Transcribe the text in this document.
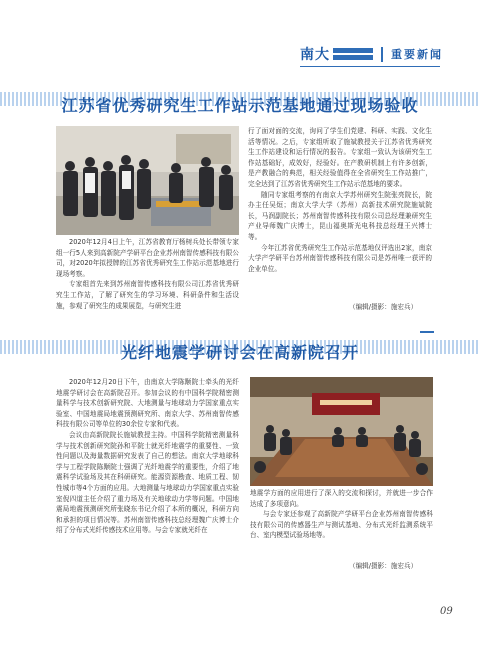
南大	重要新闻
江苏省优秀研究生工作站示范基地通过现场验收

2020年12月4日上午，江苏省教育厅杨树兵处长带领专家组一行5人来到高新院产学研平台企业苏州南智传感科技有限公司，对2020年拟授牌的江苏省优秀研究生工作站示范基地进行现场考察。

专家组首先来到苏州南智传感科技有限公司江苏省优秀研究生工作站，了解了研究生的学习环境、科研条件和生活设施，参观了研究生的成果展览，与研究生进

行了面对面的交流，询问了学生们党建、科研、实践、文化生活等情况。之后，专家组听取了施斌教授关于江苏省优秀研究生工作站建设和运行情况的报告。专家组一致认为该研究生工作站基础好，成效好，经验好。在产教研机制上有许多创新，是产教融合的典范，相关经验值得在全省研究生工作站推广，完全达到了江苏省优秀研究生工作站示范基地的要求。

随同专家组考察的有南京大学苏州研究生院张亮院长，院办主任吴烜；南京大学大学（苏州）高新技术研究院施斌院长，马润副院长；苏州南智传感科技有限公司总经理兼研究生产业导师魏广庆博士，昆山福奥斯光电科技总经理王兴博士等。

今年江苏省优秀研究生工作站示范基地仅评选出2家，南京大学产学研平台苏州南智传感科技有限公司是苏州唯一获评的企业单位。

（编辑/摄影：施宏兵）
光纤地震学研讨会在高新院召开

2020年12月20日下午，由南京大学陈颙院士牵头的光纤地震学研讨会在高新院召开。参加会议的有中国科学院精密测量科学与技术创新研究院、大地测量与地球动力学国家重点实验室、中国地震局地震预测研究所、南京大学、苏州南智传感科技有限公司等单位的30余位专家和代表。

会议由高新院院长施斌教授主持。中国科学院精密测量科学与技术创新研究院孙和平院士就光纤地震学的重要性、一致性问题以及海量数据研究发表了自己的想法。南京大学地球科学与工程学院陈颙院士强调了光纤地震学的重要性，介绍了地震科学试验场及其在科研研究。能源资源勘查、地质工程、韧性城市等4个方面的应用。大地测量与地球动力学国家重点实验室倪四道主任介绍了重力场及有关地球动力学等问题。中国地震局地震预测研究所张晓东书记介绍了本所的概况，科研方向和承担的项目情况等。苏州南智传感科技总经理魏广庆博士介绍了分布式光纤传感技术应用等。与会专家就光纤在

地震学方面的应用进行了深入的交流和探讨，并就进一步合作达成了多项意向。

与会专家还参观了高新院产学研平台企业苏州南智传感科技有限公司的传感器生产与测试基地、分布式光纤监测系统平台、室内模型试验场地等。

（编辑/摄影：施宏兵）
09
